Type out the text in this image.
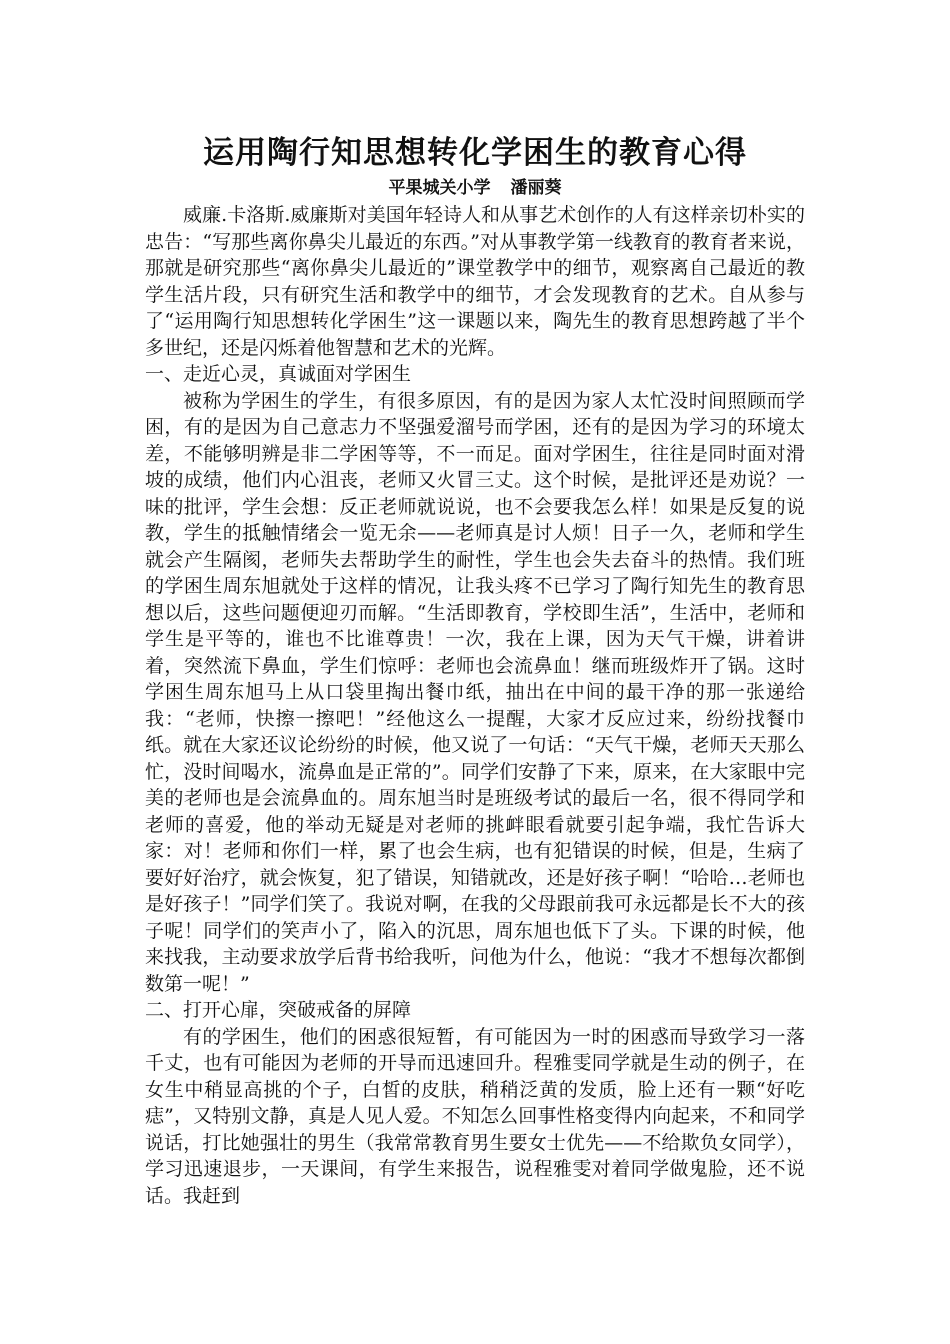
运用陶行知思想转化学困生的教育心得

平果城关小学 潘丽葵

威廉.卡洛斯.威廉斯对美国年轻诗人和从事艺术创作的人有这样亲切朴实的忠告：“写那些离你鼻尖儿最近的东西。”对从事教学第一线教育的教育者来说，那就是研究那些“离你鼻尖儿最近的”课堂教学中的细节，观察离自己最近的教学生活片段，只有研究生活和教学中的细节，才会发现教育的艺术。自从参与了“运用陶行知思想转化学困生”这一课题以来，陶先生的教育思想跨越了半个多世纪，还是闪烁着他智慧和艺术的光辉。

一、走近心灵，真诚面对学困生

被称为学困生的学生，有很多原因，有的是因为家人太忙没时间照顾而学困，有的是因为自己意志力不坚强爱溜号而学困，还有的是因为学习的环境太差，不能够明辨是非二学困等等，不一而足。面对学困生，往往是同时面对滑坡的成绩，他们内心沮丧，老师又火冒三丈。这个时候，是批评还是劝说？一味的批评，学生会想：反正老师就说说，也不会要我怎么样！如果是反复的说教，学生的抵触情绪会一览无余——老师真是讨人烦！日子一久，老师和学生就会产生隔阂，老师失去帮助学生的耐性，学生也会失去奋斗的热情。我们班的学困生周东旭就处于这样的情况，让我头疼不已学习了陶行知先生的教育思想以后，这些问题便迎刃而解。“生活即教育，学校即生活”，生活中，老师和学生是平等的，谁也不比谁尊贵！一次，我在上课，因为天气干燥，讲着讲着，突然流下鼻血，学生们惊呼：老师也会流鼻血！继而班级炸开了锅。这时学困生周东旭马上从口袋里掏出餐巾纸，抽出在中间的最干净的那一张递给我：“老师，快擦一擦吧！”经他这么一提醒，大家才反应过来，纷纷找餐巾纸。就在大家还议论纷纷的时候，他又说了一句话：“天气干燥，老师天天那么忙，没时间喝水，流鼻血是正常的”。同学们安静了下来，原来，在大家眼中完美的老师也是会流鼻血的。周东旭当时是班级考试的最后一名，很不得同学和老师的喜爱，他的举动无疑是对老师的挑衅眼看就要引起争端，我忙告诉大家：对！老师和你们一样，累了也会生病，也有犯错误的时候，但是，生病了要好好治疗，就会恢复，犯了错误，知错就改，还是好孩子啊！“哈哈…老师也是好孩子！”同学们笑了。我说对啊，在我的父母跟前我可永远都是长不大的孩子呢！同学们的笑声小了，陷入的沉思，周东旭也低下了头。下课的时候，他来找我，主动要求放学后背书给我听，问他为什么，他说：“我才不想每次都倒数第一呢！”

二、打开心扉，突破戒备的屏障

有的学困生，他们的困惑很短暂，有可能因为一时的困惑而导致学习一落千丈，也有可能因为老师的开导而迅速回升。程雅雯同学就是生动的例子，在女生中稍显高挑的个子，白皙的皮肤，稍稍泛黄的发质，脸上还有一颗“好吃痣”，又特别文静，真是人见人爱。不知怎么回事性格变得内向起来，不和同学说话，打比她强壮的男生（我常常教育男生要女士优先——不给欺负女同学），学习迅速退步，一天课间，有学生来报告，说程雅雯对着同学做鬼脸，还不说话。我赶到
